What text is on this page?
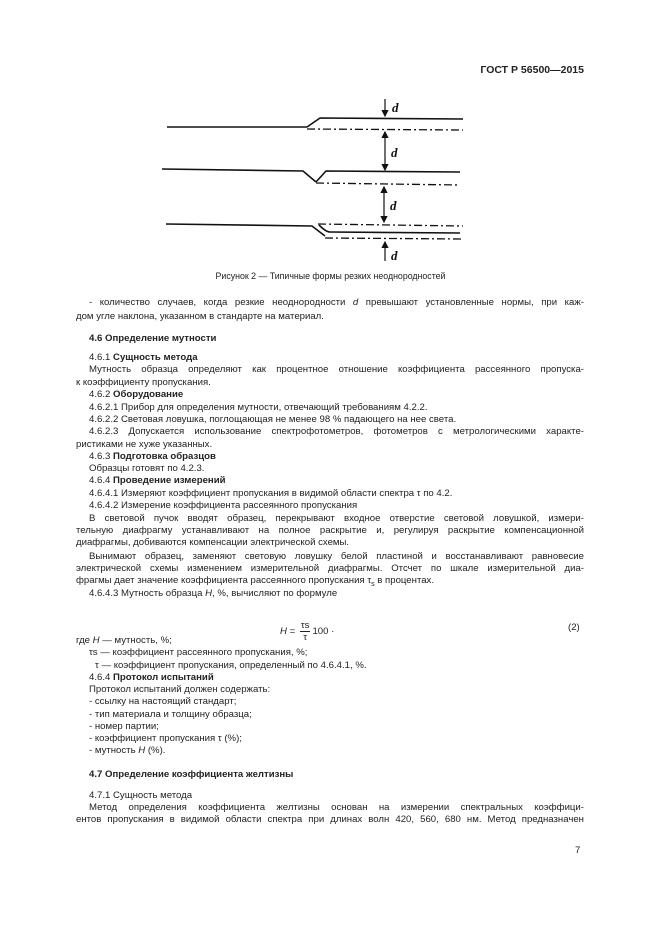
ГОСТ Р 56500—2015
d
d
d
d
Рисунок 2 — Типичные формы резких неоднородностей
- количество случаев, когда резкие неоднородности d превышают установленные нормы, при каж-
дом угле наклона, указанном в стандарте на материал.
4.6 Определение мутности
4.6.1 Сущность метода
Мутность образца определяют как процентное отношение коэффициента рассеянного пропуска-
к коэффициенту пропускания.
4.6.2 Оборудование
4.6.2.1 Прибор для определения мутности, отвечающий требованиям 4.2.2.
4.6.2.2 Световая ловушка, поглощающая не менее 98 % падающего на нее света.
4.6.2.3 Допускается использование спектрофотометров, фотометров с метрологическими характе-
ристиками не хуже указанных.
4.6.3 Подготовка образцов
Образцы готовят по 4.2.3.
4.6.4 Проведение измерений
4.6.4.1 Измеряют коэффициент пропускания в видимой области спектра τ по 4.2.
4.6.4.2 Измерение коэффициента рассеянного пропускания
В световой пучок вводят образец, перекрывают входное отверстие световой ловушкой, измери-
тельную диафрагму устанавливают на полное раскрытие и, регулируя раскрытие компенсационной
диафрагмы, добиваются компенсации электрической схемы.
Вынимают образец, заменяют световую ловушку белой пластиной и восстанавливают равновесие
электрической схемы изменением измерительной диафрагмы. Отсчет по шкале измерительной диа-
фрагмы дает значение коэффициента рассеянного пропускания $\tau_s$ в процентах.
4.6.4.3 Мутность образца H, %, вычисляют по формуле
$H = \frac{\tau s}{\tau} 100$ ·	(2)
где H — мутность, %;
τs — коэффициент рассеянного пропускания, %;
τ — коэффициент пропускания, определенный по 4.6.4.1, %.
4.6.4 Протокол испытаний
Протокол испытаний должен содержать:
- ссылку на настоящий стандарт;
- тип материала и толщину образца;
- номер партии;
- коэффициент пропускания τ (%);
- мутность H (%).
4.7 Определение коэффициента желтизны
4.7.1 Сущность метода
Метод определения коэффициента желтизны основан на измерении спектральных коэффици-
ентов пропускания в видимой области спектра при длинах волн 420, 560, 680 нм. Метод предназначен
7
